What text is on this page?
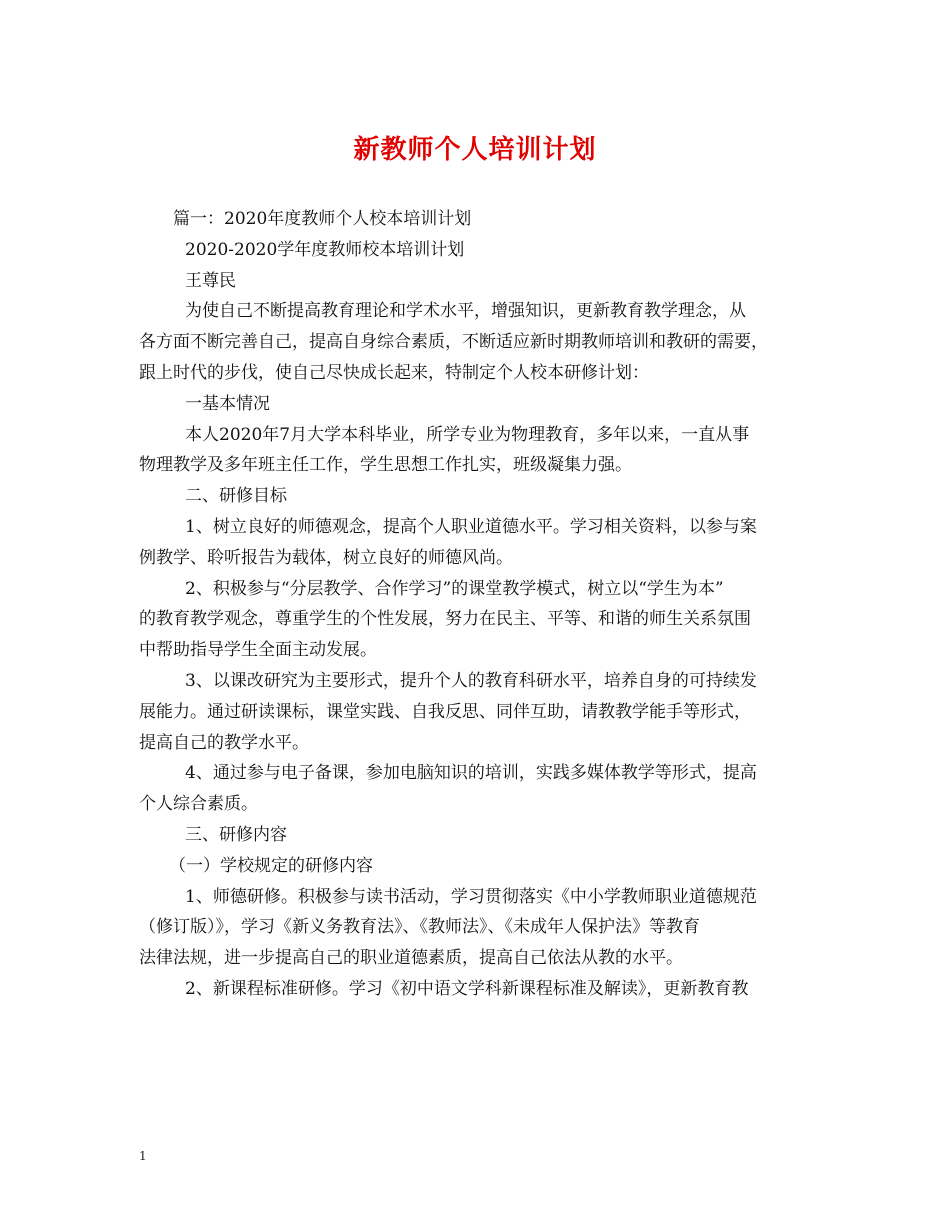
新教师个人培训计划

篇一：2020年度教师个人校本培训计划

2020-2020学年度教师校本培训计划

王尊民

为使自己不断提高教育理论和学术水平，增强知识，更新教育教学理念，从

各方面不断完善自己，提高自身综合素质，不断适应新时期教师培训和教研的需要，

跟上时代的步伐，使自己尽快成长起来，特制定个人校本研修计划：

一基本情况

本人2020年7月大学本科毕业，所学专业为物理教育，多年以来，一直从事

物理教学及多年班主任工作，学生思想工作扎实，班级凝集力强。

二、研修目标

1、树立良好的师德观念，提高个人职业道德水平。学习相关资料，以参与案

例教学、聆听报告为载体，树立良好的师德风尚。

2、积极参与“分层教学、合作学习”的课堂教学模式，树立以“学生为本”

的教育教学观念，尊重学生的个性发展，努力在民主、平等、和谐的师生关系氛围

中帮助指导学生全面主动发展。

3、以课改研究为主要形式，提升个人的教育科研水平，培养自身的可持续发

展能力。通过研读课标，课堂实践、自我反思、同伴互助，请教教学能手等形式，

提高自己的教学水平。

4、通过参与电子备课，参加电脑知识的培训，实践多媒体教学等形式，提高

个人综合素质。

三、研修内容

（一）学校规定的研修内容

1、师德研修。积极参与读书活动，学习贯彻落实《中小学教师职业道德规范

（修订版）》，学习《新义务教育法》、《教师法》、《未成年人保护法》等教育

法律法规，进一步提高自己的职业道德素质，提高自己依法从教的水平。

2、新课程标准研修。学习《初中语文学科新课程标准及解读》，更新教育教

1
